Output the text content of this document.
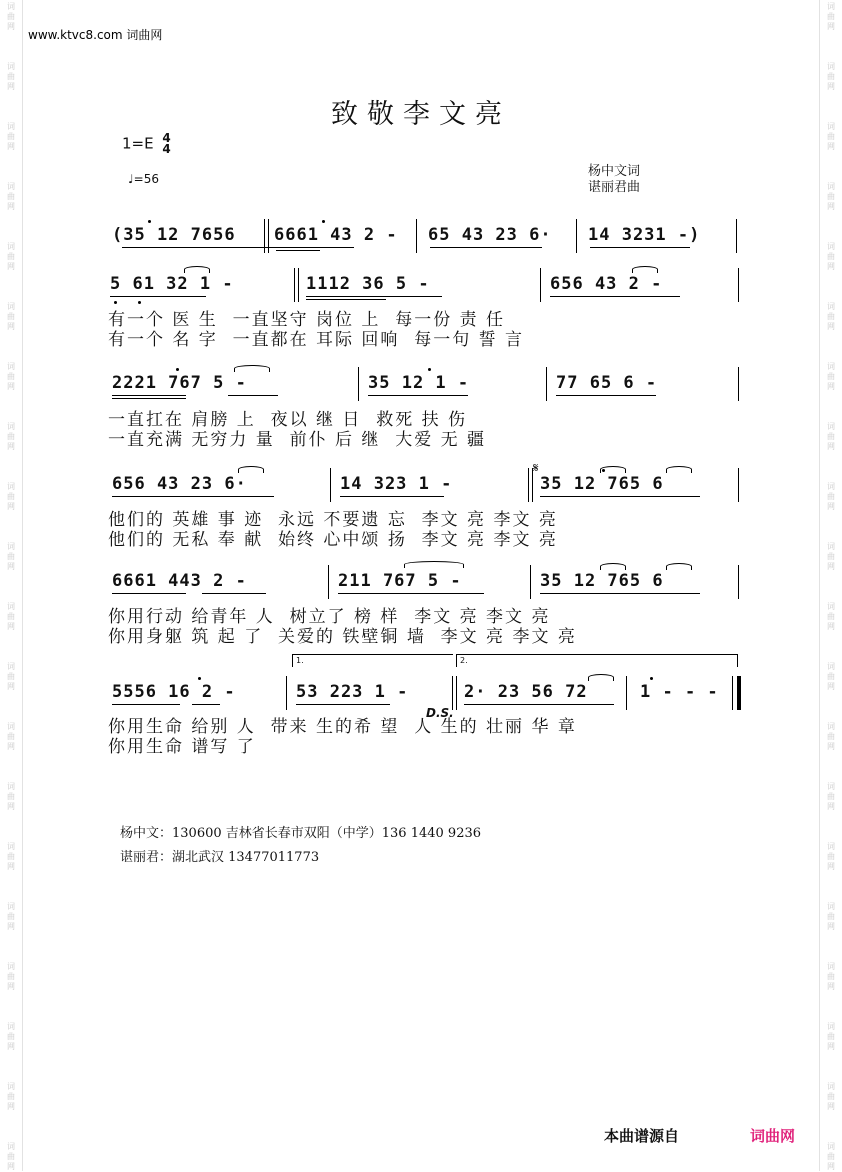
词
曲
网
词
曲
网
词
曲
网
词
曲
网
词
曲
网
词
曲
网
词
曲
网
词
曲
网
词
曲
网
词
曲
网
词
曲
网
词
曲
网
词
曲
网
词
曲
网
词
曲
网
词
曲
网
词
曲
网
词
曲
网
词
曲
网
词
曲
网
词
曲
网
词
曲
网
词
曲
网
词
曲
网
词
曲
网
词
曲
网
词
曲
网
词
曲
网
词
曲
网
词
曲
网
词
曲
网
词
曲
网
词
曲
网
词
曲
网
词
曲
网
词
曲
网
词
曲
网
词
曲
网
词
曲
网
词
曲
网
www.ktvc8.com 词曲网
致敬李文亮
1=E 4
4
♩=56	杨中文词
谌丽君曲
(35 12 7656 6661 43 2 - 65 43 23 6· 14 3231 -)
5 61 32 1 -	1112 36 5 -	656 43 2 -
有一个 医 生  一直坚守 岗位 上  每一份 责 任
有一个 名 字  一直都在 耳际 回响  每一句 誓 言
2221 767 5 -	35 12 1 -	77 65 6 -
一直扛在 肩膀 上  夜以 继 日  救死 扶 伤
一直充满 无穷力 量  前仆 后 继  大爱 无 疆
𝄋
656 43 23 6·	14 323 1 -	35 12 765 6
他们的 英雄 事 迹  永远 不要遗 忘  李文 亮 李文 亮
他们的 无私 奉 献  始终 心中颂 扬  李文 亮 李文 亮
6661 443 2 -	211 767 5 -	35 12 765 6
你用行动 给青年 人  树立了 榜 样  李文 亮 李文 亮
你用身躯 筑 起 了  关爱的 铁壁铜 墙  李文 亮 李文 亮
1.	2.
5556 16 2 -	53 223 1 -	2· 23 56 72	1 - - -
D.S.
你用生命 给别 人  带来 生的希 望  人 生的 壮丽 华 章
你用生命 谱写 了
杨中文：130600 吉林省长春市双阳（中学）136 1440 9236
谌丽君：湖北武汉 13477011773
本曲谱源自	词曲网
